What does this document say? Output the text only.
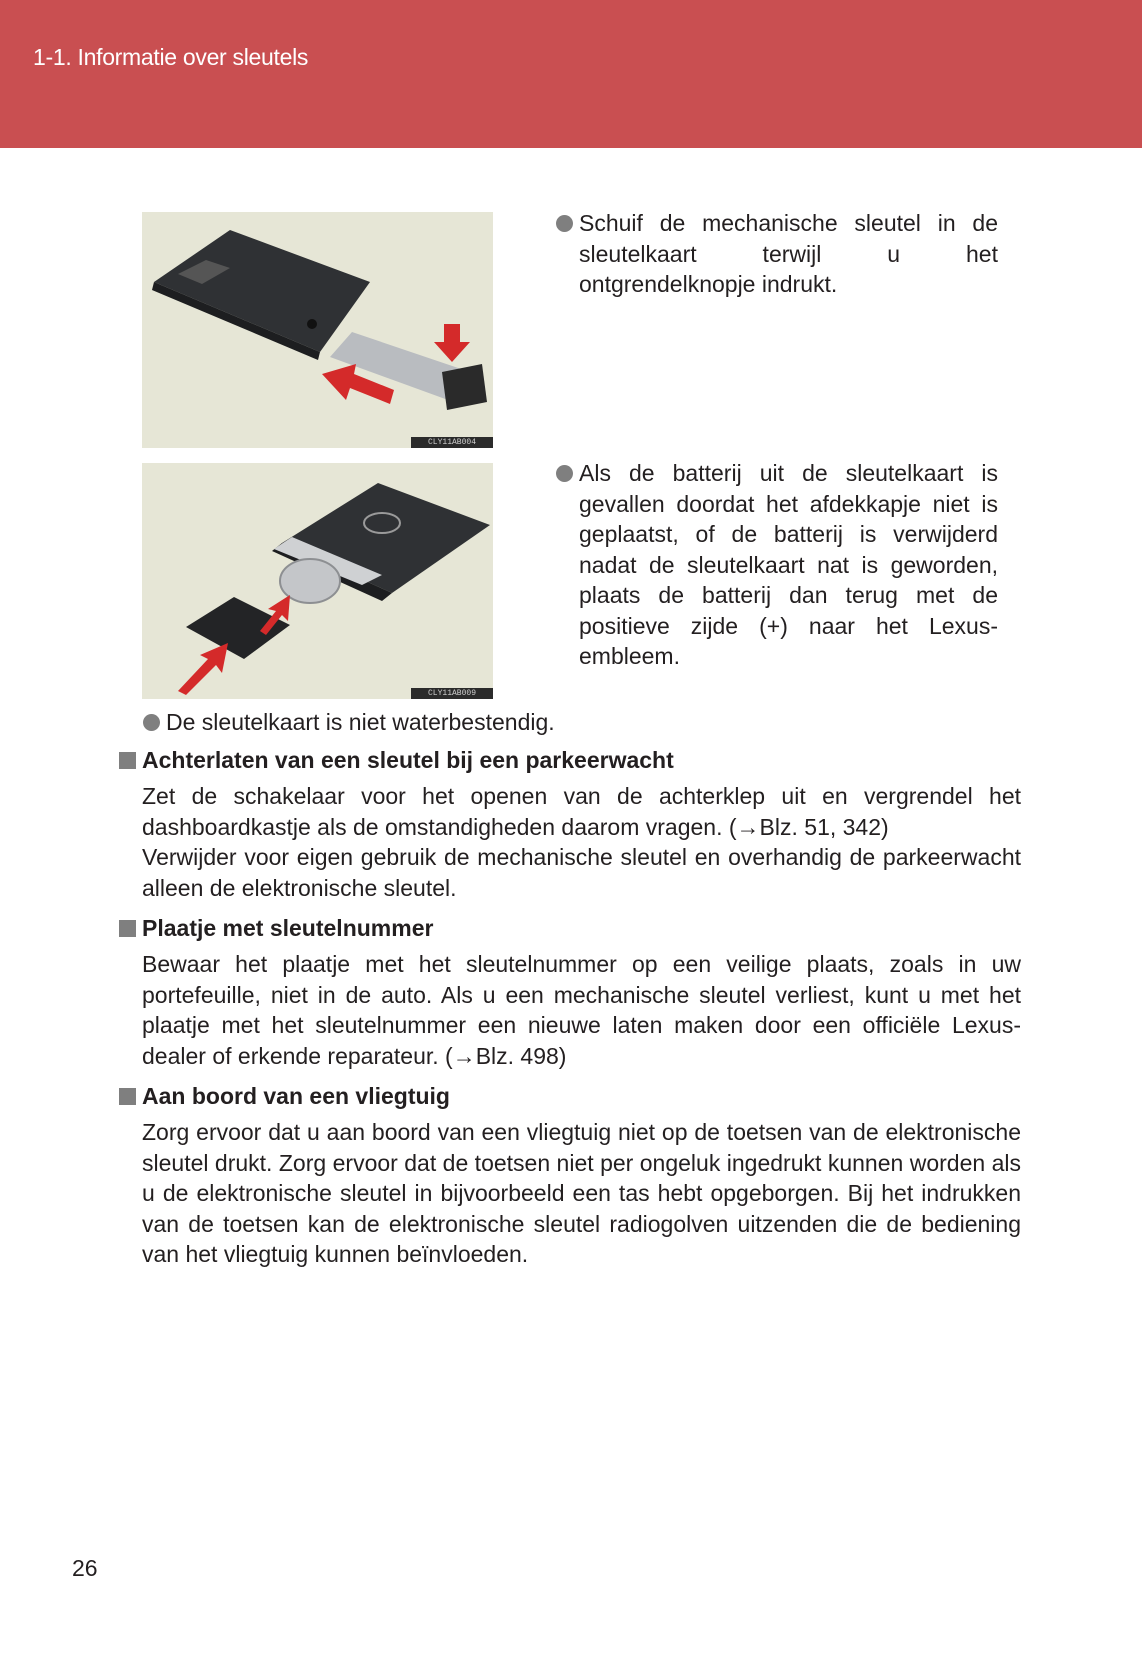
1-1. Informatie over sleutels
CLY11AB004
CLY11AB009
Schuif de mechanische sleutel in de sleutelkaart terwijl u het ontgrendelknopje indrukt.
Als de batterij uit de sleutelkaart is gevallen doordat het afdekkapje niet is geplaatst, of de batterij is verwijderd nadat de sleutelkaart nat is geworden, plaats de batterij dan terug met de positieve zijde (+) naar het Lexus-embleem.
De sleutelkaart is niet waterbestendig.
Achterlaten van een sleutel bij een parkeerwacht

Zet de schakelaar voor het openen van de achterklep uit en vergrendel het dashboardkastje als de omstandigheden daarom vragen. (→Blz. 51, 342)

Verwijder voor eigen gebruik de mechanische sleutel en overhandig de parkeerwacht alleen de elektronische sleutel.

Plaatje met sleutelnummer

Bewaar het plaatje met het sleutelnummer op een veilige plaats, zoals in uw portefeuille, niet in de auto. Als u een mechanische sleutel verliest, kunt u met het plaatje met het sleutelnummer een nieuwe laten maken door een officiële Lexus-dealer of erkende reparateur. (→Blz. 498)

Aan boord van een vliegtuig

Zorg ervoor dat u aan boord van een vliegtuig niet op de toetsen van de elektronische sleutel drukt. Zorg ervoor dat de toetsen niet per ongeluk ingedrukt kunnen worden als u de elektronische sleutel in bijvoorbeeld een tas hebt opgeborgen. Bij het indrukken van de toetsen kan de elektronische sleutel radiogolven uitzenden die de bediening van het vliegtuig kunnen beïnvloeden.

26
